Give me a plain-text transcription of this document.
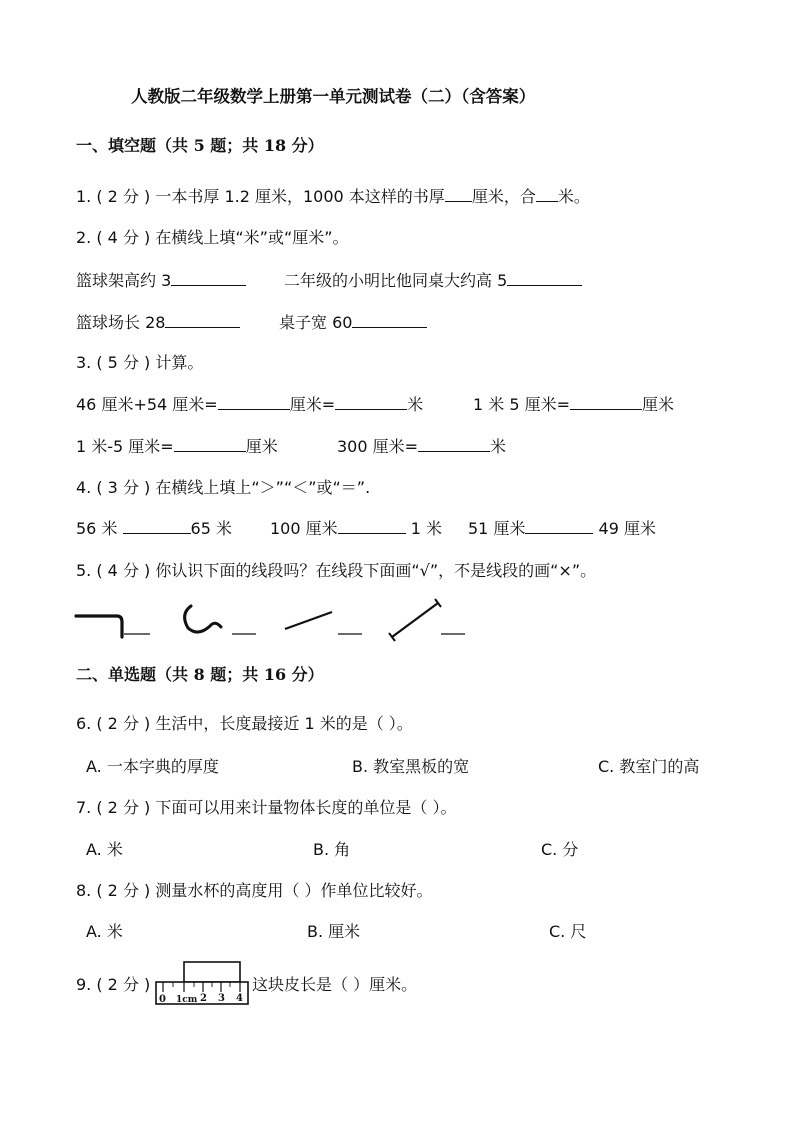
人教版二年级数学上册第一单元测试卷（二）（含答案）
一、填空题（共 5 题；共 18 分）
1. ( 2 分 ) 一本书厚 1.2 厘米，1000 本这样的书厚 厘米，合 米。
2. ( 4 分 ) 在横线上填“米”或“厘米”。
篮球架高约 3	二年级的小明比他同桌大约高 5
篮球场长 28	桌子宽 60
3. ( 5 分 ) 计算。
46 厘米+54 厘米=	厘米=	米	1 米 5 厘米=	厘米
1 米-5 厘米=	厘米	300 厘米=	米
4. ( 3 分 ) 在横线上填上“＞”“＜”或“＝”.
56 米	65 米 100 厘米	1 米 51 厘米	49 厘米
5. ( 4 分 ) 你认识下面的线段吗？在线段下面画“√”，不是线段的画“×”。
二、单选题（共 8 题；共 16 分）
6. ( 2 分 ) 生活中，长度最接近 1 米的是（ ）。
A. 一本字典的厚度	B. 教室黑板的宽	C. 教室门的高
7. ( 2 分 ) 下面可以用来计量物体长度的单位是（ ）。
A. 米	B. 角	C. 分
8. ( 2 分 ) 测量水杯的高度用（ ）作单位比较好。
A. 米	B. 厘米	C. 尺
9. ( 2 分 )
0 1cm 2 3 4
这块皮长是（ ）厘米。
